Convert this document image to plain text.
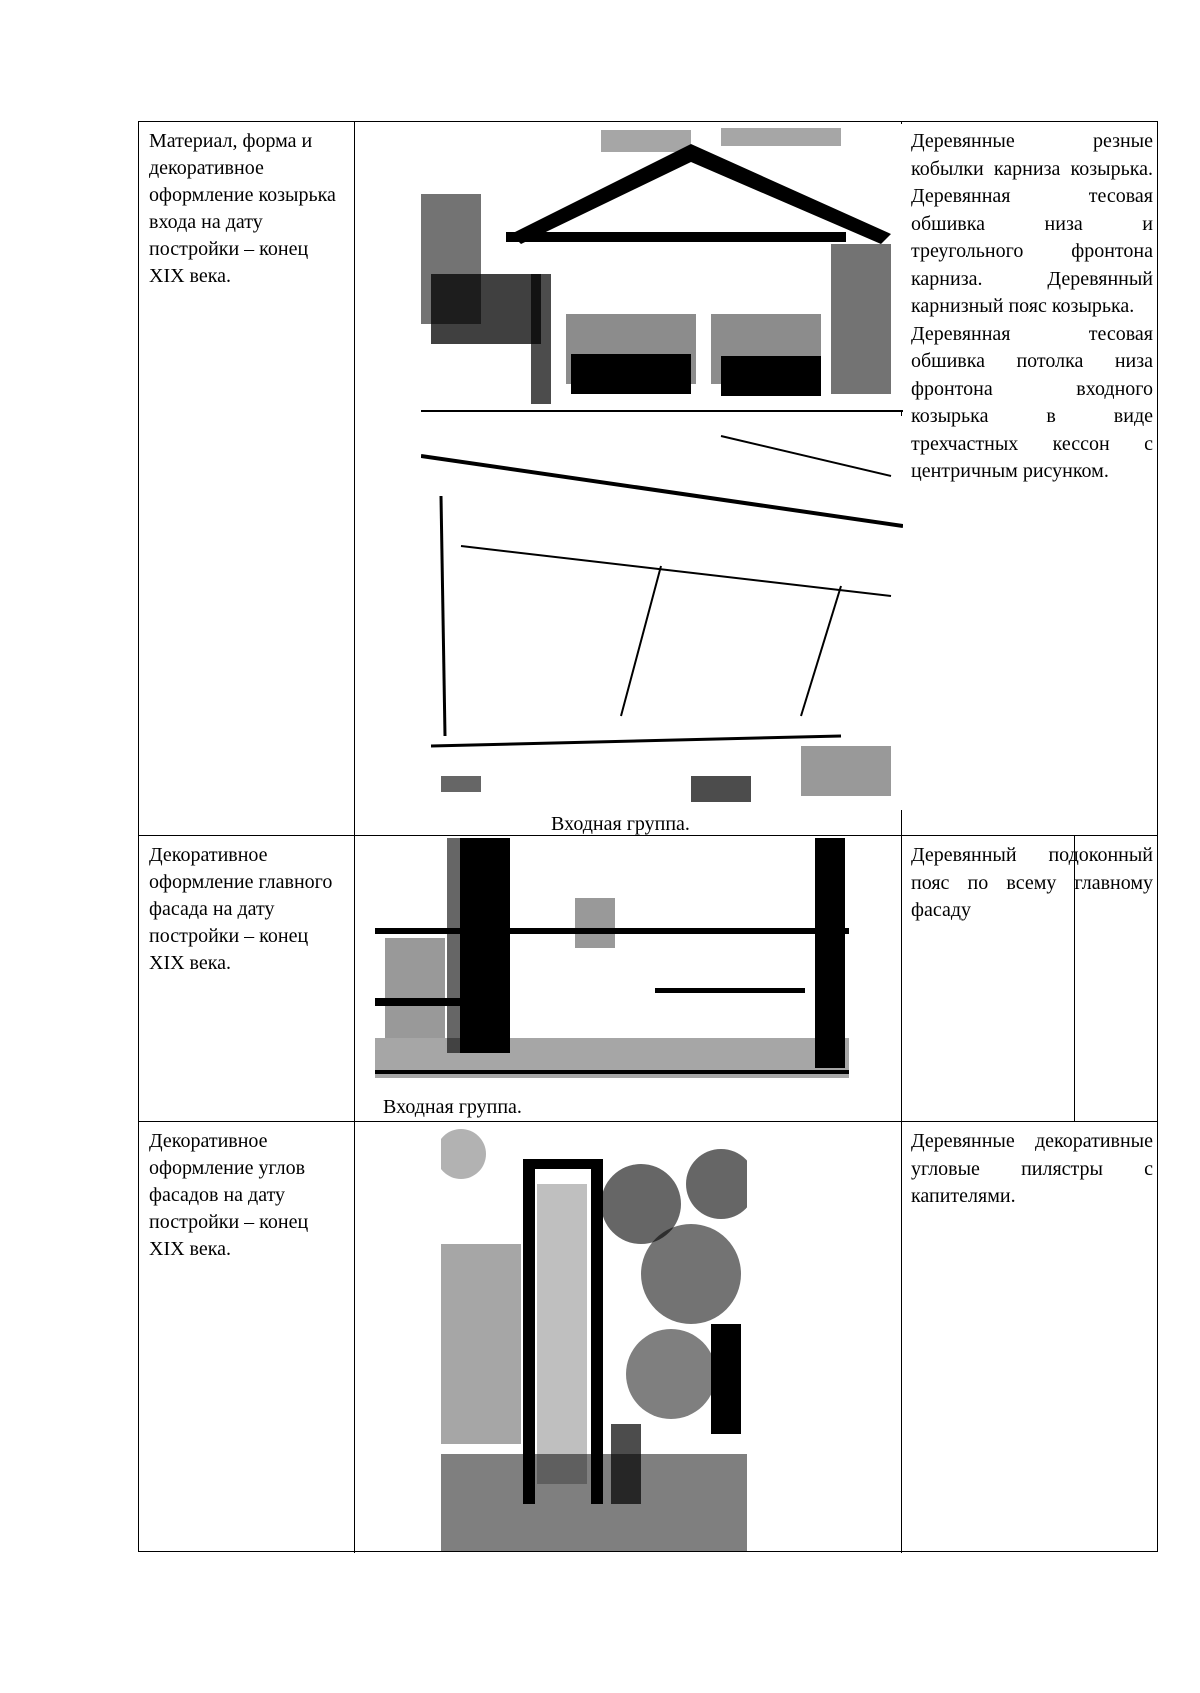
Материал, форма и декоративное оформление козырька входа на дату постройки – конец XIX века.
Входная группа.

Деревянные резные кобылки карниза козырька. Деревянная тесовая обшивка низа и треугольного фронтона карниза. Деревянный карнизный пояс козырька.

Деревянная тесовая обшивка потолка низа фронтона входного козырька в виде трехчастных кессон с центричным рисунком.

Декоративное оформление главного фасада на дату постройки – конец XIX века.
Входная группа.

Деревянный подоконный пояс по всему главному фасаду

Декоративное оформление углов фасадов на дату постройки – конец XIX века.

Деревянные декоративные угловые пилястры с капителями.
